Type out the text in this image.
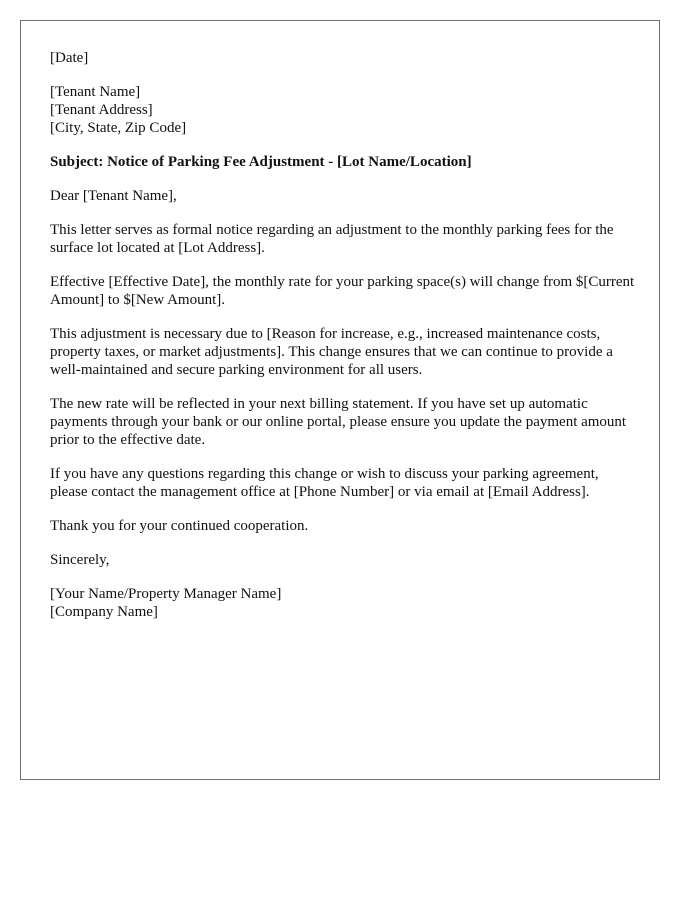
[Date]

[Tenant Name]
[Tenant Address]
[City, State, Zip Code]

Subject: Notice of Parking Fee Adjustment - [Lot Name/Location]

Dear [Tenant Name],

This letter serves as formal notice regarding an adjustment to the monthly parking fees for the surface lot located at [Lot Address].

Effective [Effective Date], the monthly rate for your parking space(s) will change from $[Current Amount] to $[New Amount].

This adjustment is necessary due to [Reason for increase, e.g., increased maintenance costs, property taxes, or market adjustments]. This change ensures that we can continue to provide a well-maintained and secure parking environment for all users.

The new rate will be reflected in your next billing statement. If you have set up automatic payments through your bank or our online portal, please ensure you update the payment amount prior to the effective date.

If you have any questions regarding this change or wish to discuss your parking agreement, please contact the management office at [Phone Number] or via email at [Email Address].

Thank you for your continued cooperation.

Sincerely,

[Your Name/Property Manager Name]
[Company Name]
